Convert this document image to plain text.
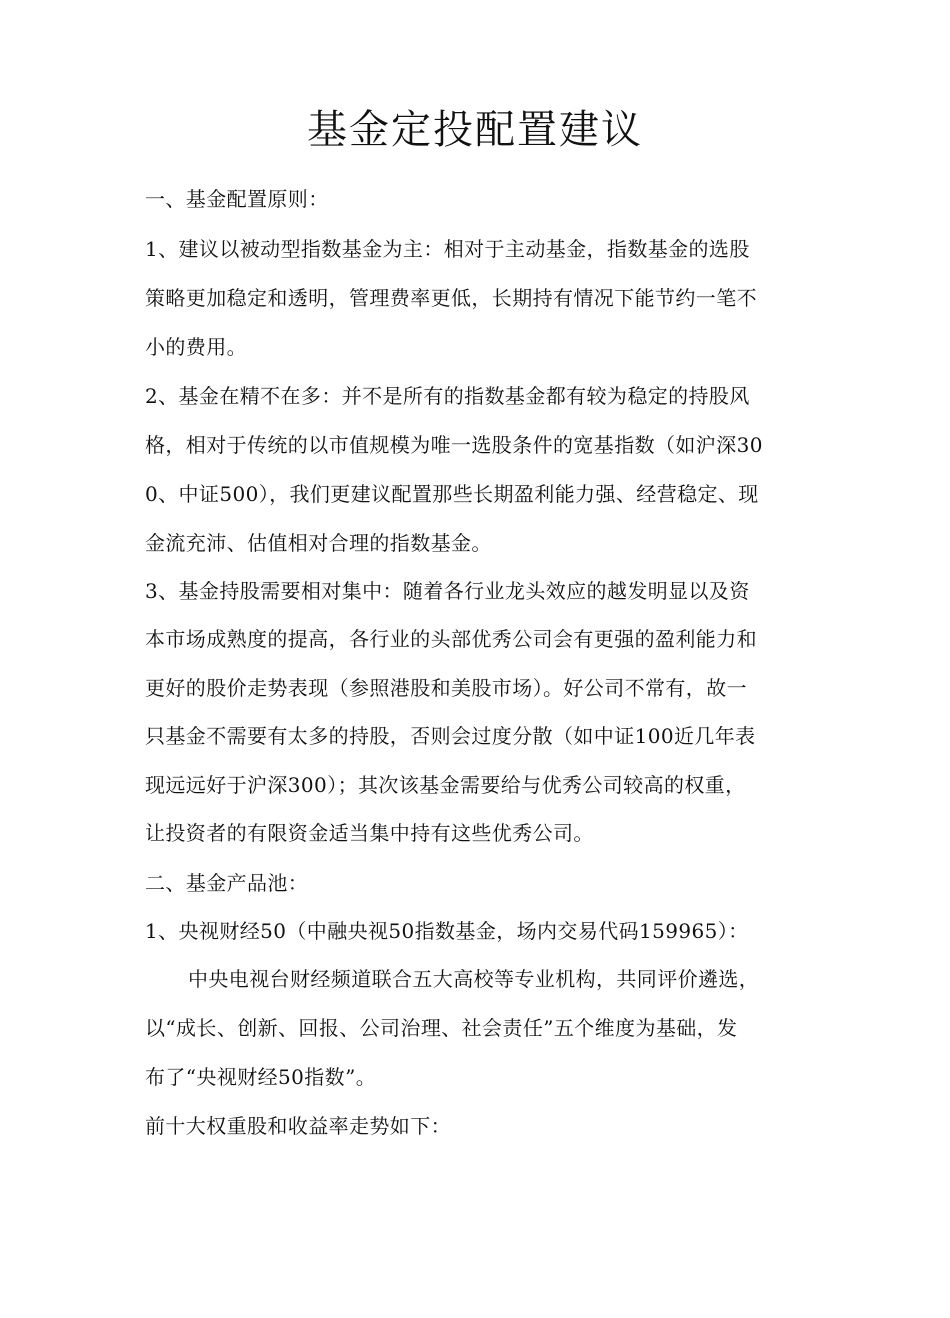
基金定投配置建议
一、基金配置原则：
1、建议以被动型指数基金为主：相对于主动基金，指数基金的选股
策略更加稳定和透明，管理费率更低，长期持有情况下能节约一笔不
小的费用。
2、基金在精不在多：并不是所有的指数基金都有较为稳定的持股风
格，相对于传统的以市值规模为唯一选股条件的宽基指数（如沪深30
0、中证500），我们更建议配置那些长期盈利能力强、经营稳定、现
金流充沛、估值相对合理的指数基金。
3、基金持股需要相对集中：随着各行业龙头效应的越发明显以及资
本市场成熟度的提高，各行业的头部优秀公司会有更强的盈利能力和
更好的股价走势表现（参照港股和美股市场）。好公司不常有，故一
只基金不需要有太多的持股，否则会过度分散（如中证100近几年表
现远远好于沪深300）；其次该基金需要给与优秀公司较高的权重，
让投资者的有限资金适当集中持有这些优秀公司。
二、基金产品池：
1、央视财经50（中融央视50指数基金，场内交易代码159965）：
中央电视台财经频道联合五大高校等专业机构，共同评价遴选，
以“成长、创新、回报、公司治理、社会责任”五个维度为基础，发
布了“央视财经50指数”。
前十大权重股和收益率走势如下：
